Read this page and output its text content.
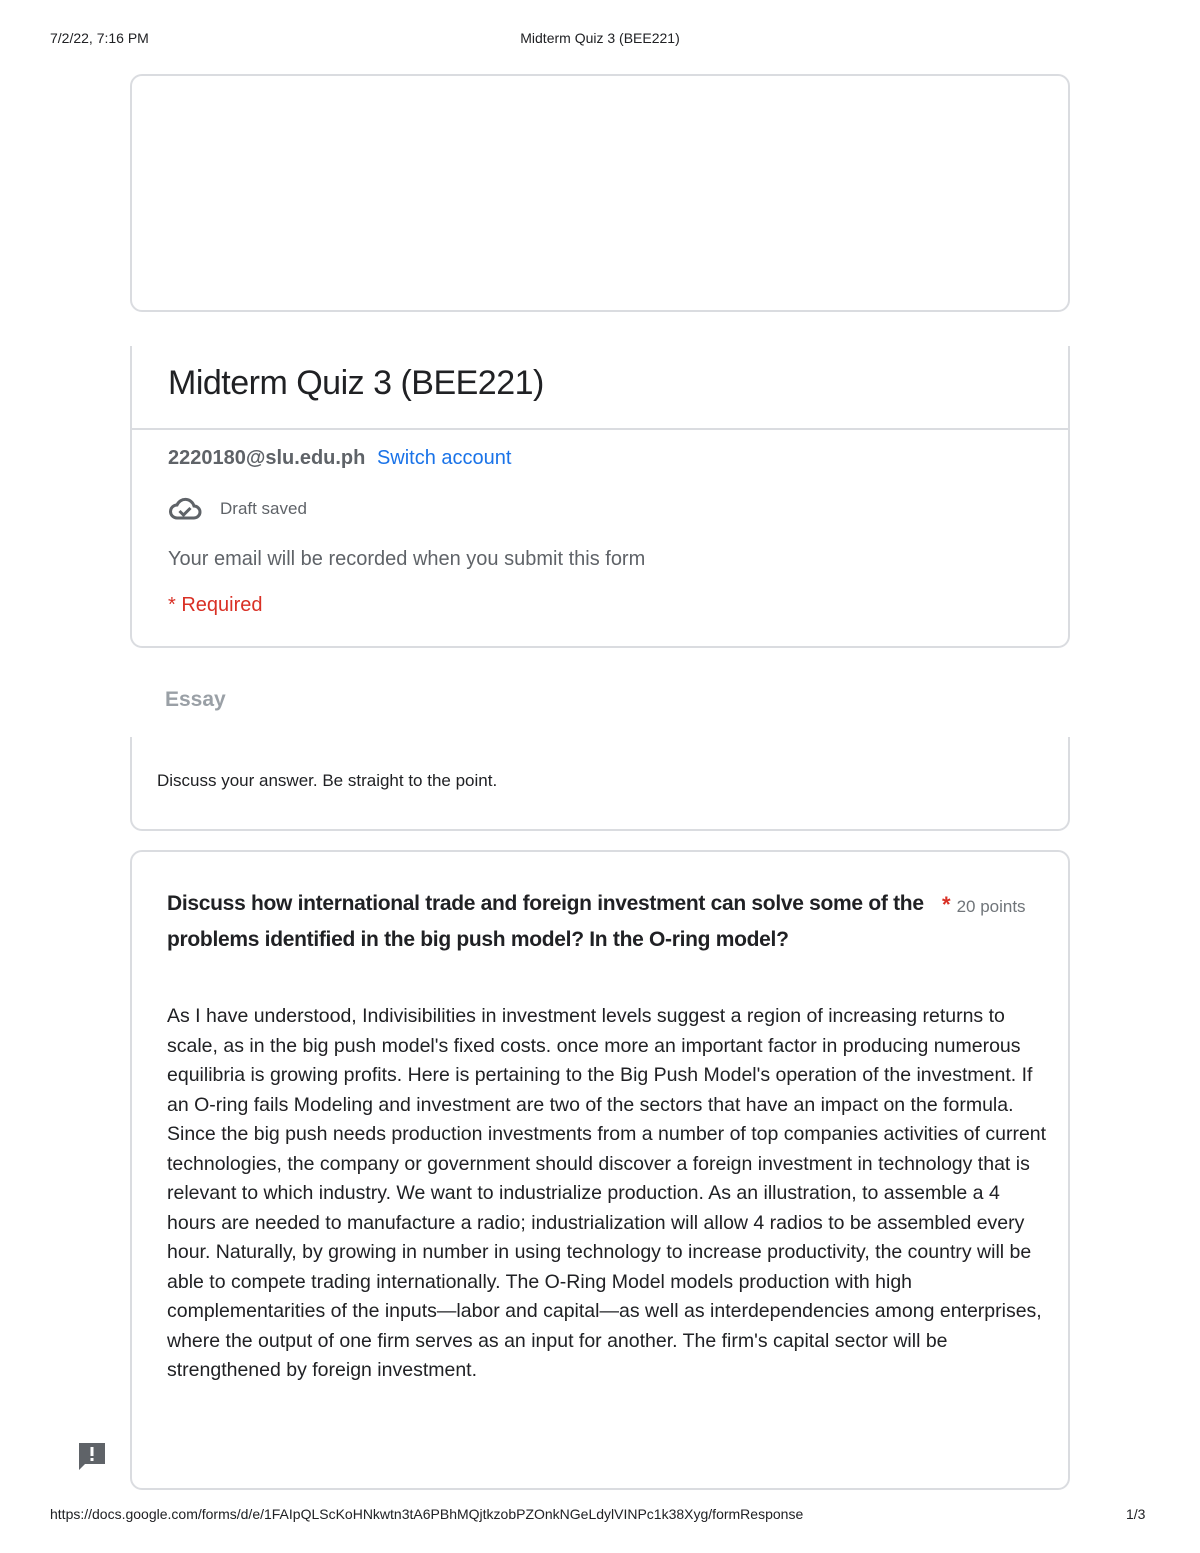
7/2/22, 7:16 PM	Midterm Quiz 3 (BEE221)
Midterm Quiz 3 (BEE221)
2220180@slu.edu.ph Switch account
Draft saved
Your email will be recorded when you submit this form
* Required
Essay
Discuss your answer. Be straight to the point.

Discuss how international trade and foreign investment can solve some of the problems identified in the big push model? In the O-ring model?

* 20 points

As I have understood, Indivisibilities in investment levels suggest a region of increasing returns to scale, as in the big push model's fixed costs. once more an important factor in producing numerous equilibria is growing profits. Here is pertaining to the Big Push Model's operation of the investment. If an O-ring fails Modeling and investment are two of the sectors that have an impact on the formula. Since the big push needs production investments from a number of top companies activities of current technologies, the company or government should discover a foreign investment in technology that is relevant to which industry. We want to industrialize production. As an illustration, to assemble a 4 hours are needed to manufacture a radio; industrialization will allow 4 radios to be assembled every hour. Naturally, by growing in number in using technology to increase productivity, the country will be able to compete trading internationally. The O-Ring Model models production with high complementarities of the inputs—labor and capital—as well as interdependencies among enterprises, where the output of one firm serves as an input for another. The firm's capital sector will be strengthened by foreign investment.

https://docs.google.com/forms/d/e/1FAIpQLScKoHNkwtn3tA6PBhMQjtkzobPZOnkNGeLdylVINPc1k38Xyg/formResponse	1/3
